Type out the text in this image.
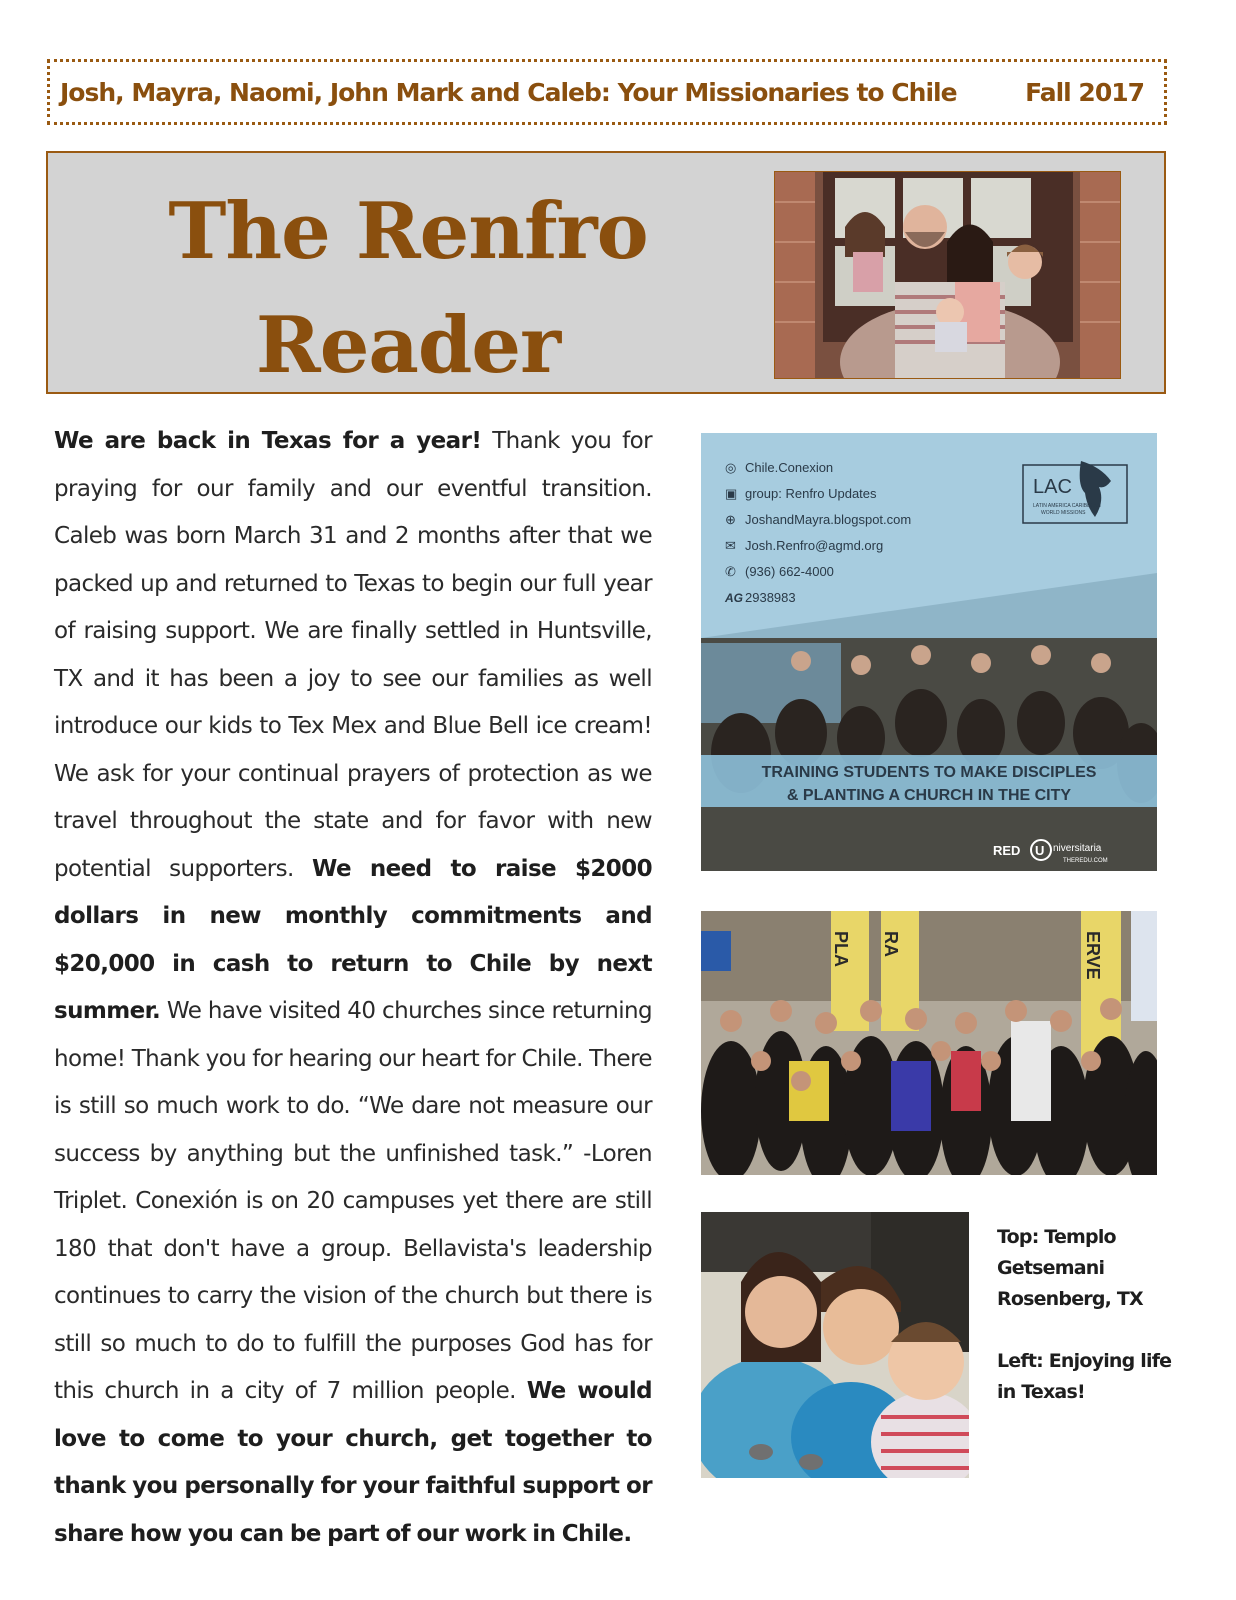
Josh, Mayra, Naomi, John Mark and Caleb: Your Missionaries to Chile	Fall 2017
The Renfro
Reader
We are back in Texas for a year! Thank you for praying for our family and our eventful transition. Caleb was born March 31 and 2 months after that we packed up and returned to Texas to begin our full year of raising support. We are finally settled in Huntsville, TX and it has been a joy to see our families as well introduce our kids to Tex Mex and Blue Bell ice cream! We ask for your continual prayers of protection as we travel throughout the state and for favor with new potential supporters. We need to raise $2000 dollars in new monthly commitments and $20,000 in cash to return to Chile by next summer. We have visited 40 churches since returning home! Thank you for hearing our heart for Chile. There is still so much work to do. “We dare not measure our success by anything but the unfinished task.” -Loren Triplet. Conexión is on 20 campuses yet there are still 180 that don't have a group. Bellavista's leadership continues to carry the vision of the church but there is still so much to do to fulfill the purposes God has for this church in a city of 7 million people. We would love to come to your church, get together to thank you personally for your faithful support or share how you can be part of our work in Chile.
◎ Chile.Conexion
▣ group: Renfro Updates
⊕ JoshandMayra.blogspot.com
✉ Josh.Renfro@agmd.org
✆ (936) 662-4000
AG 2938983
LAC
LATIN AMERICA CARIBBEAN
WORLD MISSIONS
TRAINING STUDENTS TO MAKE DISCIPLES
& PLANTING A CHURCH IN THE CITY
RED U niversitaria
THEREDU.COM
PLA RA	ERVE

Top: Templo Getsemani Rosenberg, TX

Left: Enjoying life in Texas!
